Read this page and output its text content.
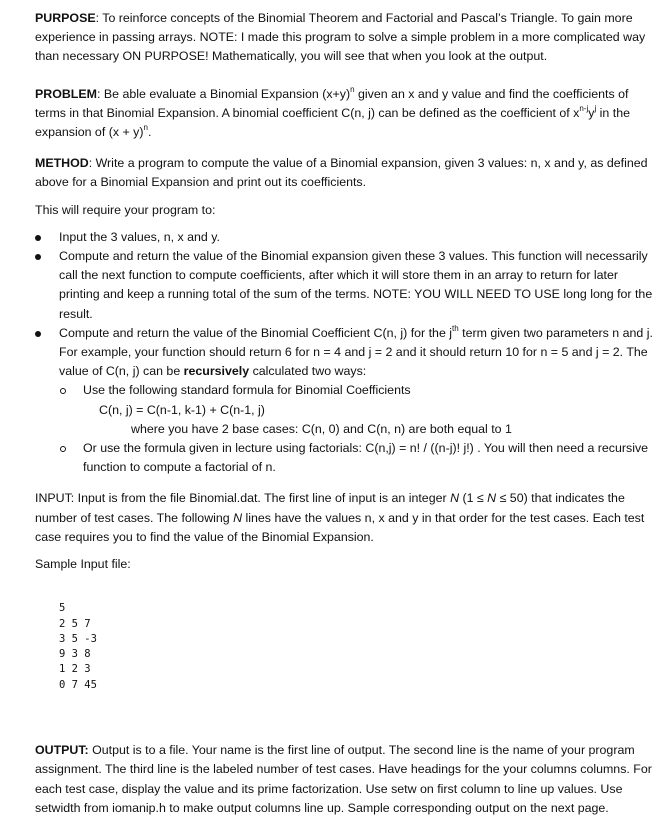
PURPOSE: To reinforce concepts of the Binomial Theorem and Factorial and Pascal’s Triangle. To gain more experience in passing arrays. NOTE: I made this program to solve a simple problem in a more complicated way than necessary ON PURPOSE! Mathematically, you will see that when you look at the output.

PROBLEM: Be able evaluate a Binomial Expansion $(x+y)^n$ given an x and y value and find the coefficients of terms in that Binomial Expansion. A binomial coefficient C(n, j) can be defined as the coefficient of $x^{n-j}y^j$ in the expansion of $(x + y)^n$.

METHOD: Write a program to compute the value of a Binomial expansion, given 3 values: n, x and y, as defined above for a Binomial Expansion and print out its coefficients.

This will require your program to:

Input the 3 values, n, x and y.
Compute and return the value of the Binomial expansion given these 3 values. This function will necessarily call the next function to compute coefficients, after which it will store them in an array to return for later printing and keep a running total of the sum of the terms. NOTE: YOU WILL NEED TO USE long long for the result.
Compute and return the value of the Binomial Coefficient C(n, j) for the $j^{th}$ term given two parameters n and j. For example, your function should return 6 for n = 4 and j = 2 and it should return 10 for n = 5 and j = 2. The value of C(n, j) can be recursively calculated two ways:
Use the following standard formula for Binomial Coefficients
C(n, j) = C(n-1, k-1) + C(n-1, j)
where you have 2 base cases: C(n, 0) and C(n, n) are both equal to 1
Or use the formula given in lecture using factorials: C(n,j) = n! / ((n-j)! j!) . You will then need a recursive function to compute a factorial of n.

INPUT: Input is from the file Binomial.dat. The first line of input is an integer N (1 ≤ N ≤ 50) that indicates the number of test cases. The following N lines have the values n, x and y in that order for the test cases. Each test case requires you to find the value of the Binomial Expansion.

Sample Input file:

5
2 5 7
3 5 -3
9 3 8
1 2 3
0 7 45

OUTPUT: Output is to a file. Your name is the first line of output. The second line is the name of your program assignment. The third line is the labeled number of test cases. Have headings for the your columns columns. For each test case, display the value and its prime factorization. Use setw on first column to line up values. Use setwidth from iomanip.h to make output columns line up. Sample corresponding output on the next page.
